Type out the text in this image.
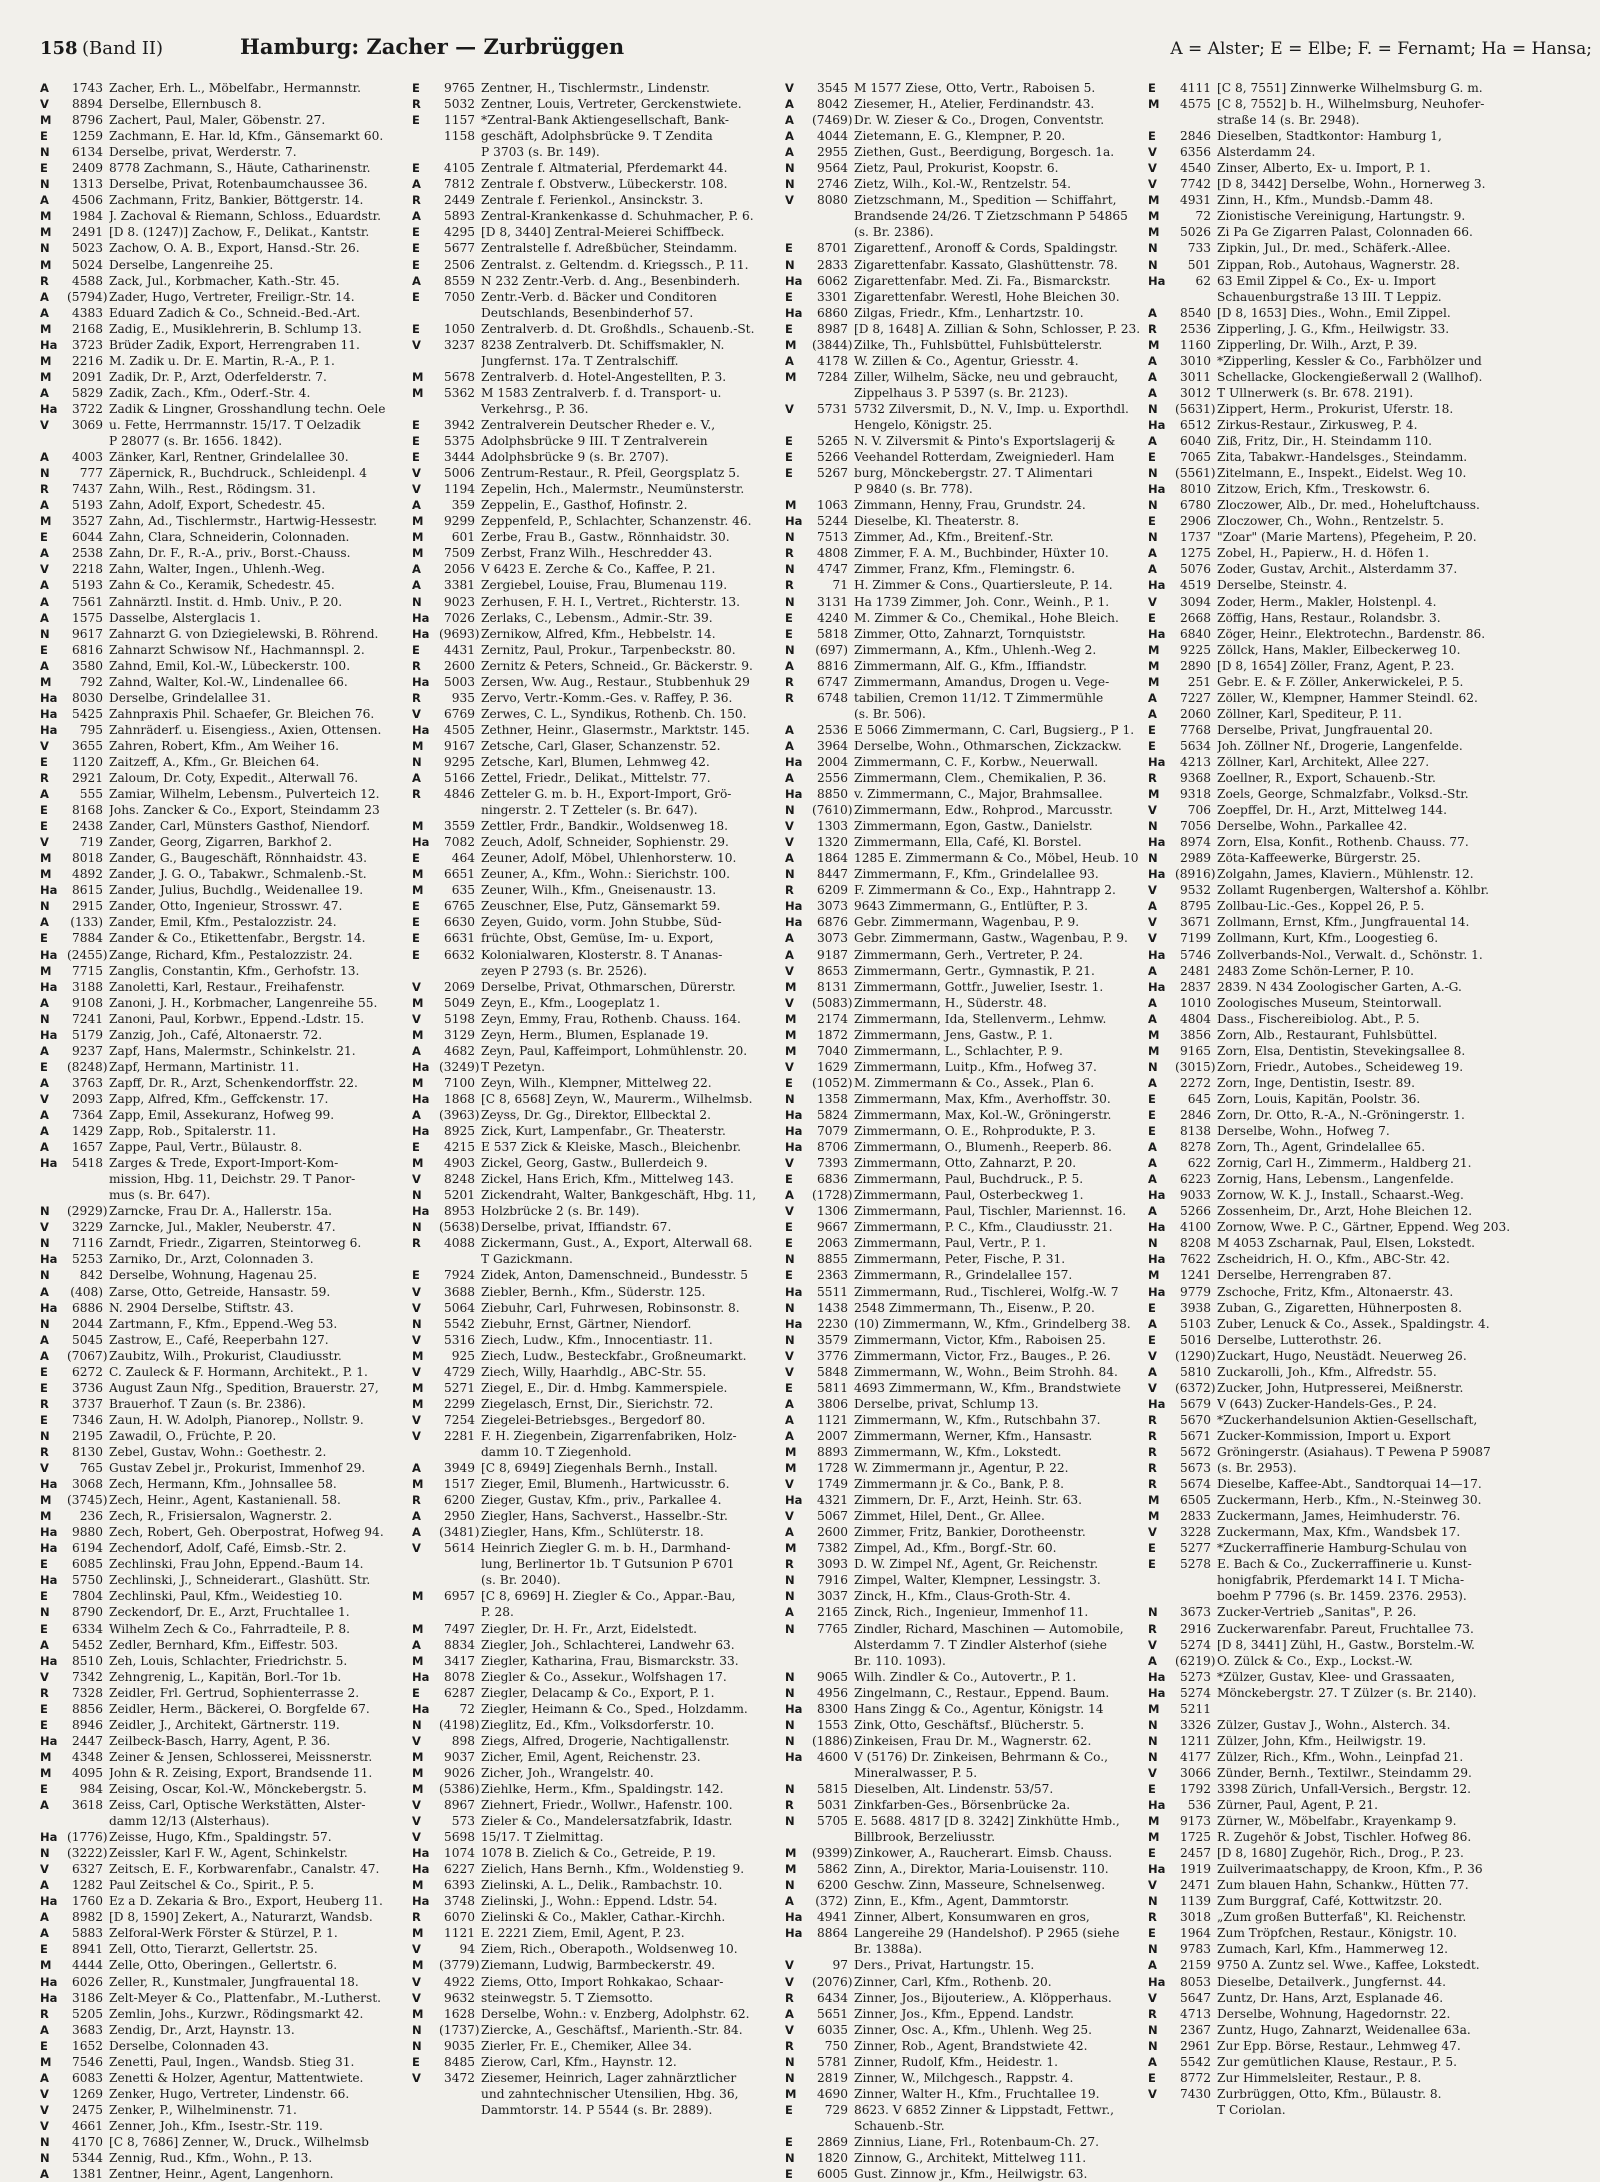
158 (Band II)	Hamburg: Zacher — Zurbrüggen	A = Alster; E = Elbe; F. = Fernamt; Ha = Hansa;
A	1743 Zacher, Erh. L., Möbelfabr., Hermannstr.
V	8894 Derselbe, Ellernbusch 8.
M	8796 Zachert, Paul, Maler, Göbenstr. 27.
E	1259 Zachmann, E. Har. ld, Kfm., Gänsemarkt 60.
N	6134 Derselbe, privat, Werderstr. 7.
E	2409 8778 Zachmann, S., Häute, Catharinenstr.
N	1313 Derselbe, Privat, Rotenbaumchaussee 36.
A	4506 Zachmann, Fritz, Bankier, Böttgerstr. 14.
M	1984 J. Zachoval & Riemann, Schloss., Eduardstr.
M	2491 [D 8. (1247)] Zachow, F., Delikat., Kantstr.
N	5023 Zachow, O. A. B., Export, Hansd.-Str. 26.
M	5024 Derselbe, Langenreihe 25.
R	4588 Zack, Jul., Korbmacher, Kath.-Str. 45.
A	(5794) Zader, Hugo, Vertreter, Freiligr.-Str. 14.
A	4383 Eduard Zadich & Co., Schneid.-Bed.-Art.
M	2168 Zadig, E., Musiklehrerin, B. Schlump 13.
Ha	3723 Brüder Zadik, Export, Herrengraben 11.
M	2216 M. Zadik u. Dr. E. Martin, R.-A., P. 1.
M	2091 Zadik, Dr. P., Arzt, Oderfelderstr. 7.
A	5829 Zadik, Zach., Kfm., Oderf.-Str. 4.
Ha	3722 Zadik & Lingner, Grosshandlung techn. Oele
V	3069 u. Fette, Herrmannstr. 15/17. T Oelzadik
P 28077 (s. Br. 1656. 1842).
A	4003 Zänker, Karl, Rentner, Grindelallee 30.
N	777 Zäpernick, R., Buchdruck., Schleidenpl. 4
R	7437 Zahn, Wilh., Rest., Rödingsm. 31.
A	5193 Zahn, Adolf, Export, Schedestr. 45.
M	3527 Zahn, Ad., Tischlermstr., Hartwig-Hessestr.
E	6044 Zahn, Clara, Schneiderin, Colonnaden.
A	2538 Zahn, Dr. F., R.-A., priv., Borst.-Chauss.
V	2218 Zahn, Walter, Ingen., Uhlenh.-Weg.
A	5193 Zahn & Co., Keramik, Schedestr. 45.
A	7561 Zahnärztl. Instit. d. Hmb. Univ., P. 20.
A	1575 Dasselbe, Alsterglacis 1.
N	9617 Zahnarzt G. von Dziegielewski, B. Röhrend.
E	6816 Zahnarzt Schwisow Nf., Hachmannspl. 2.
A	3580 Zahnd, Emil, Kol.-W., Lübeckerstr. 100.
M	792 Zahnd, Walter, Kol.-W., Lindenallee 66.
Ha	8030 Derselbe, Grindelallee 31.
Ha	5425 Zahnpraxis Phil. Schaefer, Gr. Bleichen 76.
Ha	795 Zahnräderf. u. Eisengiess., Axien, Ottensen.
V	3655 Zahren, Robert, Kfm., Am Weiher 16.
E	1120 Zaitzeff, A., Kfm., Gr. Bleichen 64.
R	2921 Zaloum, Dr. Coty, Expedit., Alterwall 76.
A	555 Zamiar, Wilhelm, Lebensm., Pulverteich 12.
E	8168 Johs. Zancker & Co., Export, Steindamm 23
E	2438 Zander, Carl, Münsters Gasthof, Niendorf.
V	719 Zander, Georg, Zigarren, Barkhof 2.
M	8018 Zander, G., Baugeschäft, Rönnhaidstr. 43.
M	4892 Zander, J. G. O., Tabakwr., Schmalenb.-St.
Ha	8615 Zander, Julius, Buchdlg., Weidenallee 19.
N	2915 Zander, Otto, Ingenieur, Strosswr. 47.
A	(133) Zander, Emil, Kfm., Pestalozzistr. 24.
E	7884 Zander & Co., Etikettenfabr., Bergstr. 14.
Ha (2455) Zange, Richard, Kfm., Pestalozzistr. 24.
M	7715 Zanglis, Constantin, Kfm., Gerhofstr. 13.
Ha	3188 Zanoletti, Karl, Restaur., Freihafenstr.
A	9108 Zanoni, J. H., Korbmacher, Langenreihe 55.
N	7241 Zanoni, Paul, Korbwr., Eppend.-Ldstr. 15.
Ha	5179 Zanzig, Joh., Café, Altonaerstr. 72.
A	9237 Zapf, Hans, Malermstr., Schinkelstr. 21.
E	(8248) Zapf, Hermann, Martinistr. 11.
A	3763 Zapff, Dr. R., Arzt, Schenkendorffstr. 22.
V	2093 Zapp, Alfred, Kfm., Geffckenstr. 17.
A	7364 Zapp, Emil, Assekuranz, Hofweg 99.
A	1429 Zapp, Rob., Spitalerstr. 11.
A	1657 Zappe, Paul, Vertr., Bülaustr. 8.
Ha	5418 Zarges & Trede, Export-Import-Kom-
mission, Hbg. 11, Deichstr. 29. T Panor-
mus (s. Br. 647).
N	(2929) Zarncke, Frau Dr. A., Hallerstr. 15a.
V	3229 Zarncke, Jul., Makler, Neuberstr. 47.
N	7116 Zarndt, Friedr., Zigarren, Steintorweg 6.
Ha	5253 Zarniko, Dr., Arzt, Colonnaden 3.
N	842 Derselbe, Wohnung, Hagenau 25.
A	(408) Zarse, Otto, Getreide, Hansastr. 59.
Ha	6886 N. 2904 Derselbe, Stiftstr. 43.
N	2044 Zartmann, F., Kfm., Eppend.-Weg 53.
A	5045 Zastrow, E., Café, Reeperbahn 127.
A	(7067) Zaubitz, Wilh., Prokurist, Claudiusstr.
E	6272 C. Zauleck & F. Hormann, Architekt., P. 1.
E	3736 August Zaun Nfg., Spedition, Brauerstr. 27,
R	3737 Brauerhof. T Zaun (s. Br. 2386).
E	7346 Zaun, H. W. Adolph, Pianorep., Nollstr. 9.
N	2195 Zawadil, O., Früchte, P. 20.
R	8130 Zebel, Gustav, Wohn.: Goethestr. 2.
V	765 Gustav Zebel jr., Prokurist, Immenhof 29.
Ha	3068 Zech, Hermann, Kfm., Johnsallee 58.
M	(3745) Zech, Heinr., Agent, Kastanienall. 58.
M	236 Zech, R., Frisiersalon, Wagnerstr. 2.
Ha	9880 Zech, Robert, Geh. Oberpostrat, Hofweg 94.
Ha	6194 Zechendorf, Adolf, Café, Eimsb.-Str. 2.
E	6085 Zechlinski, Frau John, Eppend.-Baum 14.
Ha	5750 Zechlinski, J., Schneiderart., Glashütt. Str.
E	7804 Zechlinski, Paul, Kfm., Weidestieg 10.
N	8790 Zeckendorf, Dr. E., Arzt, Fruchtallee 1.
E	6334 Wilhelm Zech & Co., Fahrradteile, P. 8.
A	5452 Zedler, Bernhard, Kfm., Eiffestr. 503.
Ha	8510 Zeh, Louis, Schlachter, Friedrichstr. 5.
V	7342 Zehngrenig, L., Kapitän, Borl.-Tor 1b.
R	7328 Zeidler, Frl. Gertrud, Sophienterrasse 2.
E	8856 Zeidler, Herm., Bäckerei, O. Borgfelde 67.
E	8946 Zeidler, J., Architekt, Gärtnerstr. 119.
Ha	2447 Zeilbeck-Basch, Harry, Agent, P. 36.
M	4348 Zeiner & Jensen, Schlosserei, Meissnerstr.
M	4095 John & R. Zeising, Export, Brandsende 11.
E	984 Zeising, Oscar, Kol.-W., Mönckebergstr. 5.
A	3618 Zeiss, Carl, Optische Werkstätten, Alster-
damm 12/13 (Alsterhaus).
Ha (1776) Zeisse, Hugo, Kfm., Spaldingstr. 57.
N	(3222) Zeissler, Karl F. W., Agent, Schinkelstr.
V	6327 Zeitsch, E. F., Korbwarenfabr., Canalstr. 47.
A	1282 Paul Zeitschel & Co., Spirit., P. 5.
Ha	1760 Ez a D. Zekaria & Bro., Export, Heuberg 11.
A	8982 [D 8, 1590] Zekert, A., Naturarzt, Wandsb.
A	5883 Zelforal-Werk Förster & Stürzel, P. 1.
E	8941 Zell, Otto, Tierarzt, Gellertstr. 25.
M	4444 Zelle, Otto, Oberingen., Gellertstr. 6.
Ha	6026 Zeller, R., Kunstmaler, Jungfrauental 18.
Ha	3186 Zelt-Meyer & Co., Plattenfabr., M.-Lutherst.
R	5205 Zemlin, Johs., Kurzwr., Rödingsmarkt 42.
A	3683 Zendig, Dr., Arzt, Haynstr. 13.
E	1652 Derselbe, Colonnaden 43.
M	7546 Zenetti, Paul, Ingen., Wandsb. Stieg 31.
A	6083 Zenetti & Holzer, Agentur, Mattentwiete.
V	1269 Zenker, Hugo, Vertreter, Lindenstr. 66.
V	2475 Zenker, P., Wilhelminenstr. 71.
V	4661 Zenner, Joh., Kfm., Isestr.-Str. 119.
N	4170 [C 8, 7686] Zenner, W., Druck., Wilhelmsb
N	5344 Zennig, Rud., Kfm., Wohn., P. 13.
A	1381 Zentner, Heinr., Agent, Langenhorn.
E	9765 Zentner, H., Tischlermstr., Lindenstr.
R	5032 Zentner, Louis, Vertreter, Gerckenstwiete.
E	1157 *Zentral-Bank Aktiengesellschaft, Bank-
1158 geschäft, Adolphsbrücke 9. T Zendita
P 3703 (s. Br. 149).
E	4105 Zentrale f. Altmaterial, Pferdemarkt 44.
A	7812 Zentrale f. Obstverw., Lübeckerstr. 108.
R	2449 Zentrale f. Ferienkol., Ansinckstr. 3.
A	5893 Zentral-Krankenkasse d. Schuhmacher, P. 6.
E	4295 [D 8, 3440] Zentral-Meierei Schiffbeck.
E	5677 Zentralstelle f. Adreßbücher, Steindamm.
E	2506 Zentralst. z. Geltendm. d. Kriegssch., P. 11.
A	8559 N 232 Zentr.-Verb. d. Ang., Besenbinderh.
E	7050 Zentr.-Verb. d. Bäcker und Conditoren
Deutschlands, Besenbinderhof 57.
E	1050 Zentralverb. d. Dt. Großhdls., Schauenb.-St.
V	3237 8238 Zentralverb. Dt. Schiffsmakler, N.
Jungfernst. 17a. T Zentralschiff.
M	5678 Zentralverb. d. Hotel-Angestellten, P. 3.
M	5362 M 1583 Zentralverb. f. d. Transport- u.
Verkehrsg., P. 36.
E	3942 Zentralverein Deutscher Rheder e. V.,
E	5375 Adolphsbrücke 9 III. T Zentralverein
E	3444 Adolphsbrücke 9 (s. Br. 2707).
V	5006 Zentrum-Restaur., R. Pfeil, Georgsplatz 5.
V	1194 Zepelin, Hch., Malermstr., Neumünsterstr.
A	359 Zeppelin, E., Gasthof, Hofinstr. 2.
M	9299 Zeppenfeld, P., Schlachter, Schanzenstr. 46.
M	601 Zerbe, Frau B., Gastw., Rönnhaidstr. 30.
M	7509 Zerbst, Franz Wilh., Heschredder 43.
A	2056 V 6423 E. Zerche & Co., Kaffee, P. 21.
A	3381 Zergiebel, Louise, Frau, Blumenau 119.
N	9023 Zerhusen, F. H. I., Vertret., Richterstr. 13.
Ha	7026 Zerlaks, C., Lebensm., Admir.-Str. 39.
Ha (9693) Zernikow, Alfred, Kfm., Hebbelstr. 14.
E	4431 Zernitz, Paul, Prokur., Tarpenbeckstr. 80.
R	2600 Zernitz & Peters, Schneid., Gr. Bäckerstr. 9.
Ha	5003 Zersen, Ww. Aug., Restaur., Stubbenhuk 29
R	935 Zervo, Vertr.-Komm.-Ges. v. Raffey, P. 36.
V	6769 Zerwes, C. L., Syndikus, Rothenb. Ch. 150.
Ha	4505 Zethner, Heinr., Glasermstr., Marktstr. 145.
M	9167 Zetsche, Carl, Glaser, Schanzenstr. 52.
N	9295 Zetsche, Karl, Blumen, Lehmweg 42.
A	5166 Zettel, Friedr., Delikat., Mittelstr. 77.
R	4846 Zetteler G. m. b. H., Export-Import, Grö-
ningerstr. 2. T Zetteler (s. Br. 647).
M	3559 Zettler, Frdr., Bandkir., Woldsenweg 18.
Ha	7082 Zeuch, Adolf, Schneider, Sophienstr. 29.
E	464 Zeuner, Adolf, Möbel, Uhlenhorsterw. 10.
M	6651 Zeuner, A., Kfm., Wohn.: Sierichstr. 100.
M	635 Zeuner, Wilh., Kfm., Gneisenaustr. 13.
E	6765 Zeuschner, Else, Putz, Gänsemarkt 59.
E	6630 Zeyen, Guido, vorm. John Stubbe, Süd-
E	6631 früchte, Obst, Gemüse, Im- u. Export,
E	6632 Kolonialwaren, Klosterstr. 8. T Ananas-
zeyen P 2793 (s. Br. 2526).
V	2069 Derselbe, Privat, Othmarschen, Dürerstr.
M	5049 Zeyn, E., Kfm., Loogeplatz 1.
V	5198 Zeyn, Emmy, Frau, Rothenb. Chauss. 164.
M	3129 Zeyn, Herm., Blumen, Esplanade 19.
A	4682 Zeyn, Paul, Kaffeimport, Lohmühlenstr. 20.
Ha (3249) T Pezetyn.
M	7100 Zeyn, Wilh., Klempner, Mittelweg 22.
Ha	1868 [C 8, 6568] Zeyn, W., Maurerm., Wilhelmsb.
A	(3963) Zeyss, Dr. Gg., Direktor, Ellbecktal 2.
Ha	8925 Zick, Kurt, Lampenfabr., Gr. Theaterstr.
E	4215 E 537 Zick & Kleiske, Masch., Bleichenbr.
M	4903 Zickel, Georg, Gastw., Bullerdeich 9.
V	8248 Zickel, Hans Erich, Kfm., Mittelweg 143.
N	5201 Zickendraht, Walter, Bankgeschäft, Hbg. 11,
Ha	8953 Holzbrücke 2 (s. Br. 149).
N	(5638) Derselbe, privat, Iffiandstr. 67.
R	4088 Zickermann, Gust., A., Export, Alterwall 68.
T Gazickmann.
E	7924 Zidek, Anton, Damenschneid., Bundesstr. 5
V	3688 Ziebler, Bernh., Kfm., Süderstr. 125.
V	5064 Ziebuhr, Carl, Fuhrwesen, Robinsonstr. 8.
N	5542 Ziebuhr, Ernst, Gärtner, Niendorf.
V	5316 Ziech, Ludw., Kfm., Innocentiastr. 11.
M	925 Ziech, Ludw., Besteckfabr., Großneumarkt.
V	4729 Ziech, Willy, Haarhdlg., ABC-Str. 55.
M	5271 Ziegel, E., Dir. d. Hmbg. Kammerspiele.
M	2299 Ziegelasch, Ernst, Dir., Sierichstr. 72.
V	7254 Ziegelei-Betriebsges., Bergedorf 80.
V	2281 F. H. Ziegenbein, Zigarrenfabriken, Holz-
damm 10. T Ziegenhold.
A	3949 [C 8, 6949] Ziegenhals Bernh., Install.
M	1517 Zieger, Emil, Blumenh., Hartwicusstr. 6.
R	6200 Zieger, Gustav, Kfm., priv., Parkallee 4.
A	2950 Ziegler, Hans, Sachverst., Hasselbr.-Str.
A	(3481) Ziegler, Hans, Kfm., Schlüterstr. 18.
V	5614 Heinrich Ziegler G. m. b. H., Darmhand-
lung, Berlinertor 1b. T Gutsunion P 6701
(s. Br. 2040).
M	6957 [C 8, 6969] H. Ziegler & Co., Appar.-Bau,
P. 28.
M	7497 Ziegler, Dr. H. Fr., Arzt, Eidelstedt.
A	8834 Ziegler, Joh., Schlachterei, Landwehr 63.
M	3417 Ziegler, Katharina, Frau, Bismarckstr. 33.
Ha	8078 Ziegler & Co., Assekur., Wolfshagen 17.
E	6287 Ziegler, Delacamp & Co., Export, P. 1.
Ha	72 Ziegler, Heimann & Co., Sped., Holzdamm.
N	(4198) Zieglitz, Ed., Kfm., Volksdorferstr. 10.
V	898 Ziegs, Alfred, Drogerie, Nachtigallenstr.
M	9037 Zicher, Emil, Agent, Reichenstr. 23.
M	9026 Zicher, Joh., Wrangelstr. 40.
M	(5386) Ziehlke, Herm., Kfm., Spaldingstr. 142.
V	8967 Ziehnert, Friedr., Wollwr., Hafenstr. 100.
V	573 Zieler & Co., Mandelersatzfabrik, Idastr.
V	5698 15/17. T Zielmittag.
Ha	1074 1078 B. Zielich & Co., Getreide, P. 19.
Ha	6227 Zielich, Hans Bernh., Kfm., Woldenstieg 9.
M	6393 Zielinski, A. L., Delik., Rambachstr. 10.
Ha	3748 Zielinski, J., Wohn.: Eppend. Ldstr. 54.
R	6070 Zielinski & Co., Makler, Cathar.-Kirchh.
M	1121 E. 2221 Ziem, Emil, Agent, P. 23.
V	94 Ziem, Rich., Oberapoth., Woldsenweg 10.
M	(3779) Ziemann, Ludwig, Barmbeckerstr. 49.
V	4922 Ziems, Otto, Import Rohkakao, Schaar-
V	9632 steinwegstr. 5. T Ziemsotto.
M	1628 Derselbe, Wohn.: v. Enzberg, Adolphstr. 62.
N	(1737) Ziercke, A., Geschäftsf., Marienth.-Str. 84.
N	9035 Zierler, Fr. E., Chemiker, Allee 34.
E	8485 Zierow, Carl, Kfm., Haynstr. 12.
V	3472 Ziesemer, Heinrich, Lager zahnärztlicher
und zahntechnischer Utensilien, Hbg. 36,
Dammtorstr. 14. P 5544 (s. Br. 2889).
V	3545 M 1577 Ziese, Otto, Vertr., Raboisen 5.
A	8042 Ziesemer, H., Atelier, Ferdinandstr. 43.
A	(7469) Dr. W. Zieser & Co., Drogen, Conventstr.
A	4044 Zietemann, E. G., Klempner, P. 20.
A	2955 Ziethen, Gust., Beerdigung, Borgesch. 1a.
N	9564 Zietz, Paul, Prokurist, Koopstr. 6.
N	2746 Zietz, Wilh., Kol.-W., Rentzelstr. 54.
V	8080 Zietzschmann, M., Spedition — Schiffahrt,
Brandsende 24/26. T Zietzschmann P 54865
(s. Br. 2386).
E	8701 Zigarettenf., Aronoff & Cords, Spaldingstr.
N	2833 Zigarettenfabr. Kassato, Glashüttenstr. 78.
Ha	6062 Zigarettenfabr. Med. Zi. Fa., Bismarckstr.
E	3301 Zigarettenfabr. Werestl, Hohe Bleichen 30.
Ha	6860 Zilgas, Friedr., Kfm., Lenhartzstr. 10.
E	8987 [D 8, 1648] A. Zillian & Sohn, Schlosser, P. 23.
M	(3844) Zilke, Th., Fuhlsbüttel, Fuhlsbüttelerstr.
A	4178 W. Zillen & Co., Agentur, Griesstr. 4.
M	7284 Ziller, Wilhelm, Säcke, neu und gebraucht,
Zippelhaus 3. P 5397 (s. Br. 2123).
V	5731 5732 Zilversmit, D., N. V., Imp. u. Exporthdl.
Hengelo, Königstr. 25.
E	5265 N. V. Zilversmit & Pinto's Exportslagerij &
E	5266 Veehandel Rotterdam, Zweigniederl. Ham
E	5267 burg, Mönckebergstr. 27. T Alimentari
P 9840 (s. Br. 778).
M	1063 Zimmann, Henny, Frau, Grundstr. 24.
Ha	5244 Dieselbe, Kl. Theaterstr. 8.
N	7513 Zimmer, Ad., Kfm., Breitenf.-Str.
R	4808 Zimmer, F. A. M., Buchbinder, Hüxter 10.
N	4747 Zimmer, Franz, Kfm., Flemingstr. 6.
R	71 H. Zimmer & Cons., Quartiersleute, P. 14.
N	3131 Ha 1739 Zimmer, Joh. Conr., Weinh., P. 1.
E	4240 M. Zimmer & Co., Chemikal., Hohe Bleich.
E	5818 Zimmer, Otto, Zahnarzt, Tornquiststr.
N	(697) Zimmermann, A., Kfm., Uhlenh.-Weg 2.
A	8816 Zimmermann, Alf. G., Kfm., Iffiandstr.
R	6747 Zimmermann, Amandus, Drogen u. Vege-
R	6748 tabilien, Cremon 11/12. T Zimmermühle
(s. Br. 506).
A	2536 E 5066 Zimmermann, C. Carl, Bugsierg., P 1.
A	3964 Derselbe, Wohn., Othmarschen, Zickzackw.
Ha	2004 Zimmermann, C. F., Korbw., Neuerwall.
A	2556 Zimmermann, Clem., Chemikalien, P. 36.
Ha	8850 v. Zimmermann, C., Major, Brahmsallee.
N	(7610) Zimmermann, Edw., Rohprod., Marcusstr.
V	1303 Zimmermann, Egon, Gastw., Danielstr.
V	1320 Zimmermann, Ella, Café, Kl. Borstel.
A	1864 1285 E. Zimmermann & Co., Möbel, Heub. 10
N	8447 Zimmermann, F., Kfm., Grindelallee 93.
R	6209 F. Zimmermann & Co., Exp., Hahntrapp 2.
Ha	3073 9643 Zimmermann, G., Entlüfter, P. 3.
Ha	6876 Gebr. Zimmermann, Wagenbau, P. 9.
A	3073 Gebr. Zimmermann, Gastw., Wagenbau, P. 9.
A	9187 Zimmermann, Gerh., Vertreter, P. 24.
V	8653 Zimmermann, Gertr., Gymnastik, P. 21.
M	8131 Zimmermann, Gottfr., Juwelier, Isestr. 1.
V	(5083) Zimmermann, H., Süderstr. 48.
M	2174 Zimmermann, Ida, Stellenverm., Lehmw.
M	1872 Zimmermann, Jens, Gastw., P. 1.
M	7040 Zimmermann, L., Schlachter, P. 9.
V	1629 Zimmermann, Luitp., Kfm., Hofweg 37.
E	(1052) M. Zimmermann & Co., Assek., Plan 6.
N	1358 Zimmermann, Max, Kfm., Averhoffstr. 30.
Ha	5824 Zimmermann, Max, Kol.-W., Gröningerstr.
Ha	7079 Zimmermann, O. E., Rohprodukte, P. 3.
Ha	8706 Zimmermann, O., Blumenh., Reeperb. 86.
V	7393 Zimmermann, Otto, Zahnarzt, P. 20.
E	6836 Zimmermann, Paul, Buchdruck., P. 5.
A	(1728) Zimmermann, Paul, Osterbeckweg 1.
V	1306 Zimmermann, Paul, Tischler, Mariennst. 16.
E	9667 Zimmermann, P. C., Kfm., Claudiusstr. 21.
E	2063 Zimmermann, Paul, Vertr., P. 1.
N	8855 Zimmermann, Peter, Fische, P. 31.
E	2363 Zimmermann, R., Grindelallee 157.
Ha	5511 Zimmermann, Rud., Tischlerei, Wolfg.-W. 7
N	1438 2548 Zimmermann, Th., Eisenw., P. 20.
Ha	2230 (10) Zimmermann, W., Kfm., Grindelberg 38.
N	3579 Zimmermann, Victor, Kfm., Raboisen 25.
V	3776 Zimmermann, Victor, Frz., Bauges., P. 26.
V	5848 Zimmermann, W., Wohn., Beim Strohh. 84.
E	5811 4693 Zimmermann, W., Kfm., Brandstwiete
A	3806 Derselbe, privat, Schlump 13.
A	1121 Zimmermann, W., Kfm., Rutschbahn 37.
A	2007 Zimmermann, Werner, Kfm., Hansastr.
M	8893 Zimmermann, W., Kfm., Lokstedt.
M	1728 W. Zimmermann jr., Agentur, P. 22.
V	1749 Zimmermann jr. & Co., Bank, P. 8.
Ha	4321 Zimmern, Dr. F., Arzt, Heinh. Str. 63.
V	5067 Zimmet, Hilel, Dent., Gr. Allee.
A	2600 Zimmer, Fritz, Bankier, Dorotheenstr.
M	7382 Zimpel, Ad., Kfm., Borgf.-Str. 60.
R	3093 D. W. Zimpel Nf., Agent, Gr. Reichenstr.
N	7916 Zimpel, Walter, Klempner, Lessingstr. 3.
N	3037 Zinck, H., Kfm., Claus-Groth-Str. 4.
A	2165 Zinck, Rich., Ingenieur, Immenhof 11.
N	7765 Zindler, Richard, Maschinen — Automobile,
Alsterdamm 7. T Zindler Alsterhof (siehe
Br. 110. 1093).
N	9065 Wilh. Zindler & Co., Autovertr., P. 1.
N	4956 Zingelmann, C., Restaur., Eppend. Baum.
Ha	8300 Hans Zingg & Co., Agentur, Königstr. 14
N	1553 Zink, Otto, Geschäftsf., Blücherstr. 5.
N	(1886) Zinkeisen, Frau Dr. M., Wagnerstr. 62.
Ha	4600 V (5176) Dr. Zinkeisen, Behrmann & Co.,
Mineralwasser, P. 5.
N	5815 Dieselben, Alt. Lindenstr. 53/57.
R	5031 Zinkfarben-Ges., Börsenbrücke 2a.
N	5705 E. 5688. 4817 [D 8. 3242] Zinkhütte Hmb.,
Billbrook, Berzeliusstr.
M	(9399) Zinkower, A., Raucherart. Eimsb. Chauss.
M	5862 Zinn, A., Direktor, Maria-Louisenstr. 110.
N	6200 Geschw. Zinn, Masseure, Schnelsenweg.
A	(372) Zinn, E., Kfm., Agent, Dammtorstr.
Ha	4941 Zinner, Albert, Konsumwaren en gros,
Ha	8864 Langereihe 29 (Handelshof). P 2965 (siehe
Br. 1388a).
V	97 Ders., Privat, Hartungstr. 15.
V	(2076) Zinner, Carl, Kfm., Rothenb. 20.
R	6434 Zinner, Jos., Bijouteriew., A. Klöpperhaus.
A	5651 Zinner, Jos., Kfm., Eppend. Landstr.
V	6035 Zinner, Osc. A., Kfm., Uhlenh. Weg 25.
R	750 Zinner, Rob., Agent, Brandstwiete 42.
N	5781 Zinner, Rudolf, Kfm., Heidestr. 1.
N	2819 Zinner, W., Milchgesch., Rappstr. 4.
M	4690 Zinner, Walter H., Kfm., Fruchtallee 19.
E	729 8623. V 6852 Zinner & Lippstadt, Fettwr.,
Schauenb.-Str.
E	2869 Zinnius, Liane, Frl., Rotenbaum-Ch. 27.
N	1820 Zinnow, G., Architekt, Mittelweg 111.
E	6005 Gust. Zinnow jr., Kfm., Heilwigstr. 63.
E	4111 [C 8, 7551] Zinnwerke Wilhelmsburg G. m.
M	4575 [C 8, 7552] b. H., Wilhelmsburg, Neuhofer-
straße 14 (s. Br. 2948).
E	2846 Dieselben, Stadtkontor: Hamburg 1,
V	6356 Alsterdamm 24.
V	4540 Zinser, Alberto, Ex- u. Import, P. 1.
V	7742 [D 8, 3442] Derselbe, Wohn., Hornerweg 3.
M	4931 Zinn, H., Kfm., Mundsb.-Damm 48.
M	72 Zionistische Vereinigung, Hartungstr. 9.
M	5026 Zi Pa Ge Zigarren Palast, Colonnaden 66.
N	733 Zipkin, Jul., Dr. med., Schäferk.-Allee.
N	501 Zippan, Rob., Autohaus, Wagnerstr. 28.
Ha	62 63 Emil Zippel & Co., Ex- u. Import
Schauenburgstraße 13 III. T Leppiz.
A	8540 [D 8, 1653] Dies., Wohn., Emil Zippel.
R	2536 Zipperling, J. G., Kfm., Heilwigstr. 33.
M	1160 Zipperling, Dr. Wilh., Arzt, P. 39.
A	3010 *Zipperling, Kessler & Co., Farbhölzer und
A	3011 Schellacke, Glockengießerwall 2 (Wallhof).
A	3012 T Ullnerwerk (s. Br. 678. 2191).
N	(5631) Zippert, Herm., Prokurist, Uferstr. 18.
Ha	6512 Zirkus-Restaur., Zirkusweg, P. 4.
A	6040 Ziß, Fritz, Dir., H. Steindamm 110.
E	7065 Zita, Tabakwr.-Handelsges., Steindamm.
N	(5561) Zitelmann, E., Inspekt., Eidelst. Weg 10.
Ha	8010 Zitzow, Erich, Kfm., Treskowstr. 6.
N	6780 Zloczower, Alb., Dr. med., Hoheluftchauss.
E	2906 Zloczower, Ch., Wohn., Rentzelstr. 5.
N	1737 "Zoar" (Marie Martens), Pfegeheim, P. 20.
A	1275 Zobel, H., Papierw., H. d. Höfen 1.
A	5076 Zoder, Gustav, Archit., Alsterdamm 37.
Ha	4519 Derselbe, Steinstr. 4.
V	3094 Zoder, Herm., Makler, Holstenpl. 4.
E	2668 Zöffig, Hans, Restaur., Rolandsbr. 3.
Ha	6840 Zöger, Heinr., Elektrotechn., Bardenstr. 86.
M	9225 Zöllck, Hans, Makler, Eilbeckerweg 10.
M	2890 [D 8, 1654] Zöller, Franz, Agent, P. 23.
M	251 Gebr. E. & F. Zöller, Ankerwickelei, P. 5.
A	7227 Zöller, W., Klempner, Hammer Steindl. 62.
A	2060 Zöllner, Karl, Spediteur, P. 11.
E	7768 Derselbe, Privat, Jungfrauental 20.
E	5634 Joh. Zöllner Nf., Drogerie, Langenfelde.
Ha	4213 Zöllner, Karl, Architekt, Allee 227.
R	9368 Zoellner, R., Export, Schauenb.-Str.
M	9318 Zoels, George, Schmalzfabr., Volksd.-Str.
V	706 Zoepffel, Dr. H., Arzt, Mittelweg 144.
N	7056 Derselbe, Wohn., Parkallee 42.
Ha	8974 Zorn, Elsa, Konfit., Rothenb. Chauss. 77.
N	2989 Zöta-Kaffeewerke, Bürgerstr. 25.
Ha (8916) Zolgahn, James, Klaviern., Mühlenstr. 12.
V	9532 Zollamt Rugenbergen, Waltershof a. Köhlbr.
A	8795 Zollbau-Lic.-Ges., Koppel 26, P. 5.
V	3671 Zollmann, Ernst, Kfm., Jungfrauental 14.
V	7199 Zollmann, Kurt, Kfm., Loogestieg 6.
Ha	5746 Zollverbands-Nol., Verwalt. d., Schönstr. 1.
A	2481 2483 Zome Schön-Lerner, P. 10.
Ha	2837 2839. N 434 Zoologischer Garten, A.-G.
A	1010 Zoologisches Museum, Steintorwall.
A	4804 Dass., Fischereibiolog. Abt., P. 5.
M	3856 Zorn, Alb., Restaurant, Fuhlsbüttel.
M	9165 Zorn, Elsa, Dentistin, Stevekingsallee 8.
N	(3015) Zorn, Friedr., Autobes., Scheideweg 19.
A	2272 Zorn, Inge, Dentistin, Isestr. 89.
E	645 Zorn, Louis, Kapitän, Poolstr. 36.
E	2846 Zorn, Dr. Otto, R.-A., N.-Gröningerstr. 1.
E	8138 Derselbe, Wohn., Hofweg 7.
A	8278 Zorn, Th., Agent, Grindelallee 65.
A	622 Zornig, Carl H., Zimmerm., Haldberg 21.
A	6223 Zornig, Hans, Lebensm., Langenfelde.
Ha	9033 Zornow, W. K. J., Install., Schaarst.-Weg.
A	5266 Zossenheim, Dr., Arzt, Hohe Bleichen 12.
Ha	4100 Zornow, Wwe. P. C., Gärtner, Eppend. Weg 203.
N	8208 M 4053 Zscharnak, Paul, Elsen, Lokstedt.
Ha	7622 Zscheidrich, H. O., Kfm., ABC-Str. 42.
M	1241 Derselbe, Herrengraben 87.
Ha	9779 Zschoche, Fritz, Kfm., Altonaerstr. 43.
E	3938 Zuban, G., Zigaretten, Hühnerposten 8.
A	5103 Zuber, Lenuck & Co., Assek., Spaldingstr. 4.
E	5016 Derselbe, Lutterothstr. 26.
V	(1290) Zuckart, Hugo, Neustädt. Neuerweg 26.
A	5810 Zuckarolli, Joh., Kfm., Alfredstr. 55.
V	(6372) Zucker, John, Hutpresserei, Meißnerstr.
Ha	5679 V (643) Zucker-Handels-Ges., P. 24.
R	5670 *Zuckerhandelsunion Aktien-Gesellschaft,
R	5671 Zucker-Kommission, Import u. Export
R	5672 Gröningerstr. (Asiahaus). T Pewena P 59087
R	5673 (s. Br. 2953).
R	5674 Dieselbe, Kaffee-Abt., Sandtorquai 14—17.
M	6505 Zuckermann, Herb., Kfm., N.-Steinweg 30.
M	2833 Zuckermann, James, Heimhuderstr. 76.
V	3228 Zuckermann, Max, Kfm., Wandsbek 17.
E	5277 *Zuckerraffinerie Hamburg-Schulau von
E	5278 E. Bach & Co., Zuckerraffinerie u. Kunst-
honigfabrik, Pferdemarkt 14 I. T Micha-
boehm P 7796 (s. Br. 1459. 2376. 2953).
N	3673 Zucker-Vertrieb „Sanitas", P. 26.
R	2916 Zuckerwarenfabr. Pareut, Fruchtallee 73.
V	5274 [D 8, 3441] Zühl, H., Gastw., Borstelm.-W.
A	(6219) O. Zülck & Co., Exp., Lockst.-W.
Ha	5273 *Zülzer, Gustav, Klee- und Grassaaten,
Ha	5274 Mönckebergstr. 27. T Zülzer (s. Br. 2140).
M	5211
N	3326 Zülzer, Gustav J., Wohn., Alsterch. 34.
N	1211 Zülzer, John, Kfm., Heilwigstr. 19.
N	4177 Zülzer, Rich., Kfm., Wohn., Leinpfad 21.
V	3066 Zünder, Bernh., Textilwr., Steindamm 29.
E	1792 3398 Zürich, Unfall-Versich., Bergstr. 12.
Ha	536 Zürner, Paul, Agent, P. 21.
M	9173 Zürner, W., Möbelfabr., Krayenkamp 9.
M	1725 R. Zugehör & Jobst, Tischler. Hofweg 86.
E	2457 [D 8, 1680] Zugehör, Rich., Drog., P. 23.
Ha	1919 Zuilverimaatschappy, de Kroon, Kfm., P. 36
V	2471 Zum blauen Hahn, Schankw., Hütten 77.
N	1139 Zum Burggraf, Café, Kottwitzstr. 20.
R	3018 „Zum großen Butterfaß", Kl. Reichenstr.
E	1964 Zum Tröpfchen, Restaur., Königstr. 10.
N	9783 Zumach, Karl, Kfm., Hammerweg 12.
A	2159 9750 A. Zuntz sel. Wwe., Kaffee, Lokstedt.
Ha	8053 Dieselbe, Detailverk., Jungfernst. 44.
V	5647 Zuntz, Dr. Hans, Arzt, Esplanade 46.
R	4713 Derselbe, Wohnung, Hagedornstr. 22.
N	2367 Zuntz, Hugo, Zahnarzt, Weidenallee 63a.
N	2961 Zur Epp. Börse, Restaur., Lehmweg 47.
A	5542 Zur gemütlichen Klause, Restaur., P. 5.
E	8772 Zur Himmelsleiter, Restaur., P. 8.
V	7430 Zurbrüggen, Otto, Kfm., Bülaustr. 8.
T Coriolan.
